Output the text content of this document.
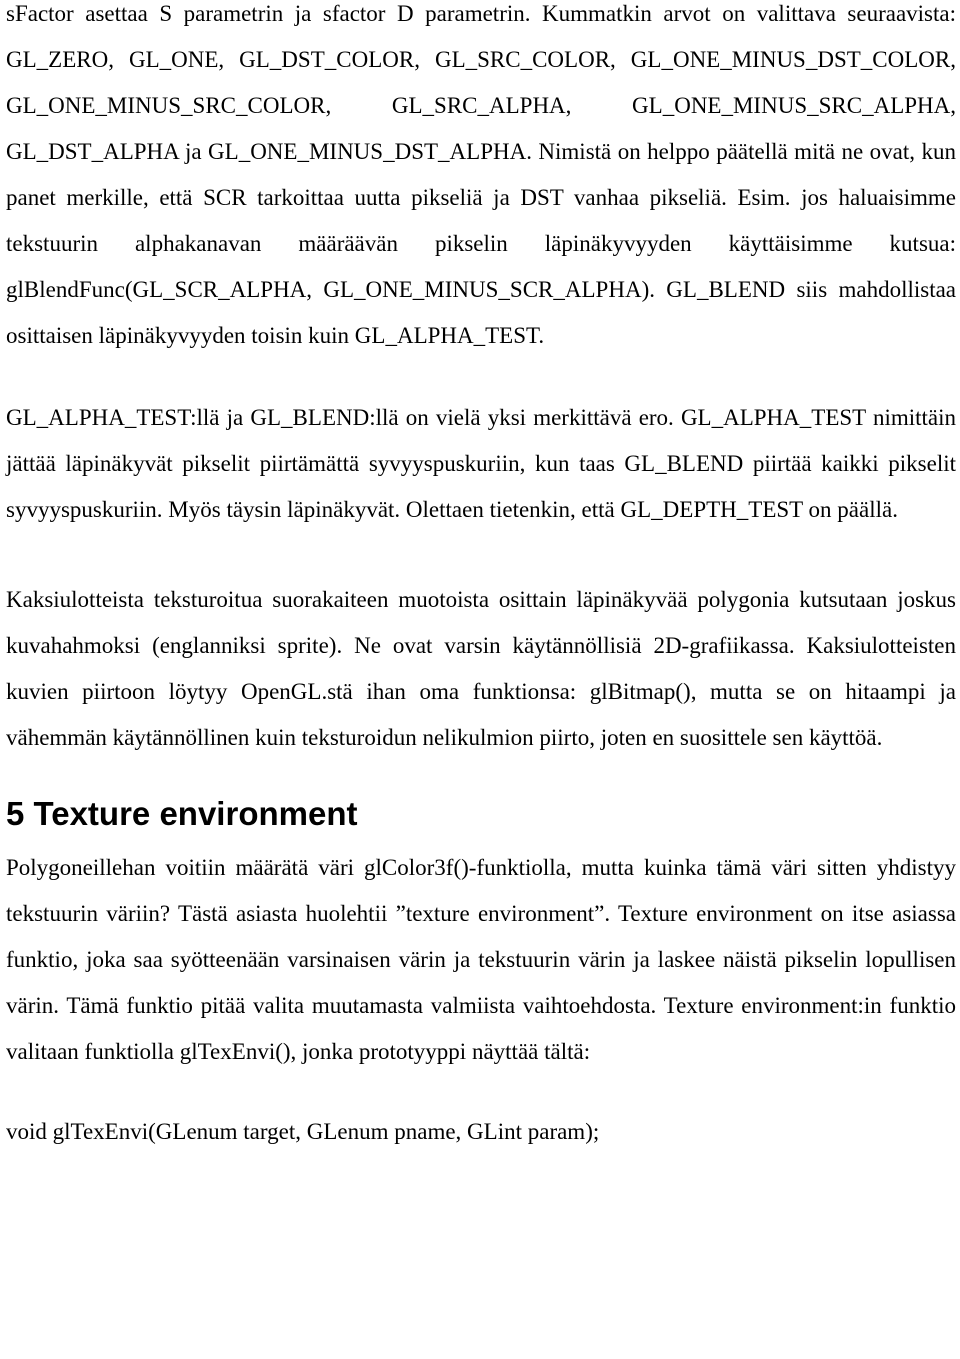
sFactor asettaa S parametrin ja sfactor D parametrin. Kummatkin arvot on valittava seuraavista: GL_ZERO, GL_ONE, GL_DST_COLOR, GL_SRC_COLOR, GL_ONE_MINUS_DST_COLOR, GL_ONE_MINUS_SRC_COLOR, GL_SRC_ALPHA, GL_ONE_MINUS_SRC_ALPHA, GL_DST_ALPHA ja GL_ONE_MINUS_DST_ALPHA. Nimistä on helppo päätellä mitä ne ovat, kun panet merkille, että SCR tarkoittaa uutta pikseliä ja DST vanhaa pikseliä. Esim. jos haluaisimme tekstuurin alphakanavan määräävän pikselin läpinäkyvyyden käyttäisimme kutsua: glBlendFunc(GL_SCR_ALPHA, GL_ONE_MINUS_SCR_ALPHA). GL_BLEND siis mahdollistaa osittaisen läpinäkyvyyden toisin kuin GL_ALPHA_TEST.

GL_ALPHA_TEST:llä ja GL_BLEND:llä on vielä yksi merkittävä ero. GL_ALPHA_TEST nimittäin jättää läpinäkyvät pikselit piirtämättä syvyyspuskuriin, kun taas GL_BLEND piirtää kaikki pikselit syvyyspuskuriin. Myös täysin läpinäkyvät. Olettaen tietenkin, että GL_DEPTH_TEST on päällä.

Kaksiulotteista teksturoitua suorakaiteen muotoista osittain läpinäkyvää polygonia kutsutaan joskus kuvahahmoksi (englanniksi sprite). Ne ovat varsin käytännöllisiä 2D-grafiikassa. Kaksiulotteisten kuvien piirtoon löytyy OpenGL.stä ihan oma funktionsa: glBitmap(), mutta se on hitaampi ja vähemmän käytännöllinen kuin teksturoidun nelikulmion piirto, joten en suosittele sen käyttöä.

5 Texture environment

Polygoneillehan voitiin määrätä väri glColor3f()-funktiolla, mutta kuinka tämä väri sitten yhdistyy tekstuurin väriin? Tästä asiasta huolehtii ”texture environment”. Texture environment on itse asiassa funktio, joka saa syötteenään varsinaisen värin ja tekstuurin värin ja laskee näistä pikselin lopullisen värin. Tämä funktio pitää valita muutamasta valmiista vaihtoehdosta. Texture environment:in funktio valitaan funktiolla glTexEnvi(), jonka prototyyppi näyttää tältä:

void glTexEnvi(GLenum target, GLenum pname, GLint param);
